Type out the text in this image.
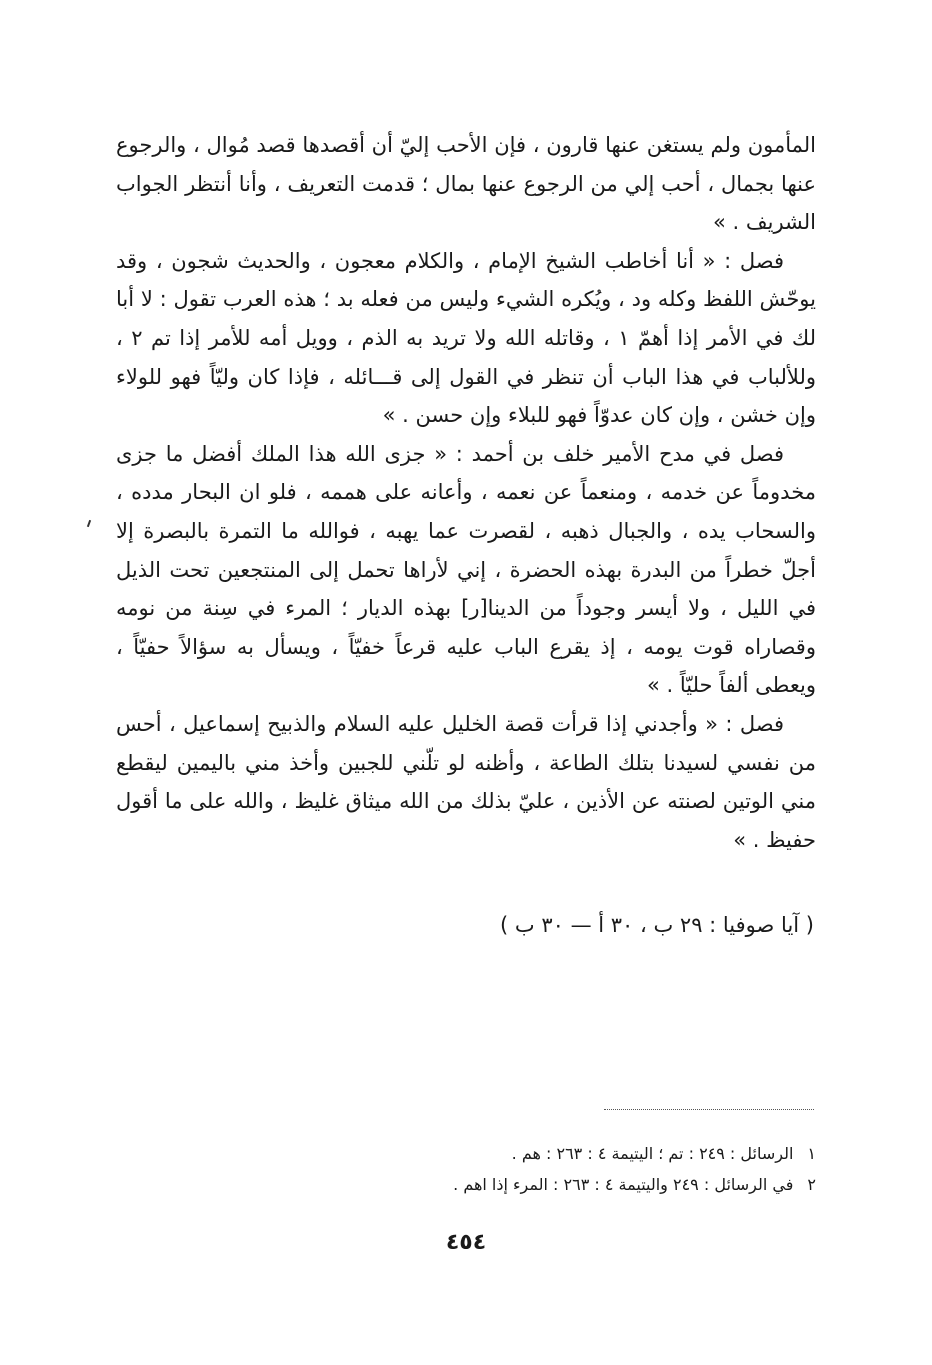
المأمون ولم يستغن عنها قارون ، فإن الأحب إليّ أن أقصدها قصد مُوال ، والرجوع عنها بجمال ، أحب إلي من الرجوع عنها بمال ؛ قدمت التعريف ، وأنا أنتظر الجواب الشريف . »

فصل : « أنا أخاطب الشيخ الإمام ، والكلام معجون ، والحديث شجون ، وقد يوحّش اللفظ وكله ود ، ويُكره الشيء وليس من فعله بد ؛ هذه العرب تقول : لا أبا لك في الأمر إذا أهمّ ١ ، وقاتله الله ولا تريد به الذم ، وويل أمه للأمر إذا تم ٢ ، وللألباب في هذا الباب أن تنظر في القول إلى قـــائله ، فإذا كان وليّاً فهو للولاء وإن خشن ، وإن كان عدوّاً فهو للبلاء وإن حسن . »

فصل في مدح الأمير خلف بن أحمد : « جزى الله هذا الملك أفضل ما جزى مخدوماً عن خدمه ، ومنعماً عن نعمه ، وأعانه على هممه ، فلو ان البحار مدده ، والسحاب يده ، والجبال ذهبه ، لقصرت عما يهبه ، فوالله ما التمرة بالبصرة إلا أجلّ خطراً من البدرة بهذه الحضرة ، إني لأراها تحمل إلى المنتجعين تحت الذيل في الليل ، ولا أيسر وجوداً من الدينا[ر] بهذه الديار ؛ المرء في سِنة من نومه وقصاراه قوت يومه ، إذ يقرع الباب عليه قرعاً خفيّاً ، ويسأل به سؤالاً حفيّاً ، ويعطى ألفاً حليّاً . »

فصل : « وأجدني إذا قرأت قصة الخليل عليه السلام والذبيح إسماعيل ، أحس من نفسي لسيدنا بتلك الطاعة ، وأظنه لو تلّني للجبين وأخذ مني باليمين ليقطع مني الوتين لصنته عن الأذين ، عليّ بذلك من الله ميثاق غليظ ، والله على ما أقول حفيظ . »

( آيا صوفيا : ٢٩ ب ، ٣٠ أ — ٣٠ ب )
١الرسائل : ٢٤٩ : تم ؛ اليتيمة ٤ : ٢٦٣ : هم .
٢في الرسائل : ٢٤٩ واليتيمة ٤ : ٢٦٣ : المرء إذا اهم .
٤٥٤
